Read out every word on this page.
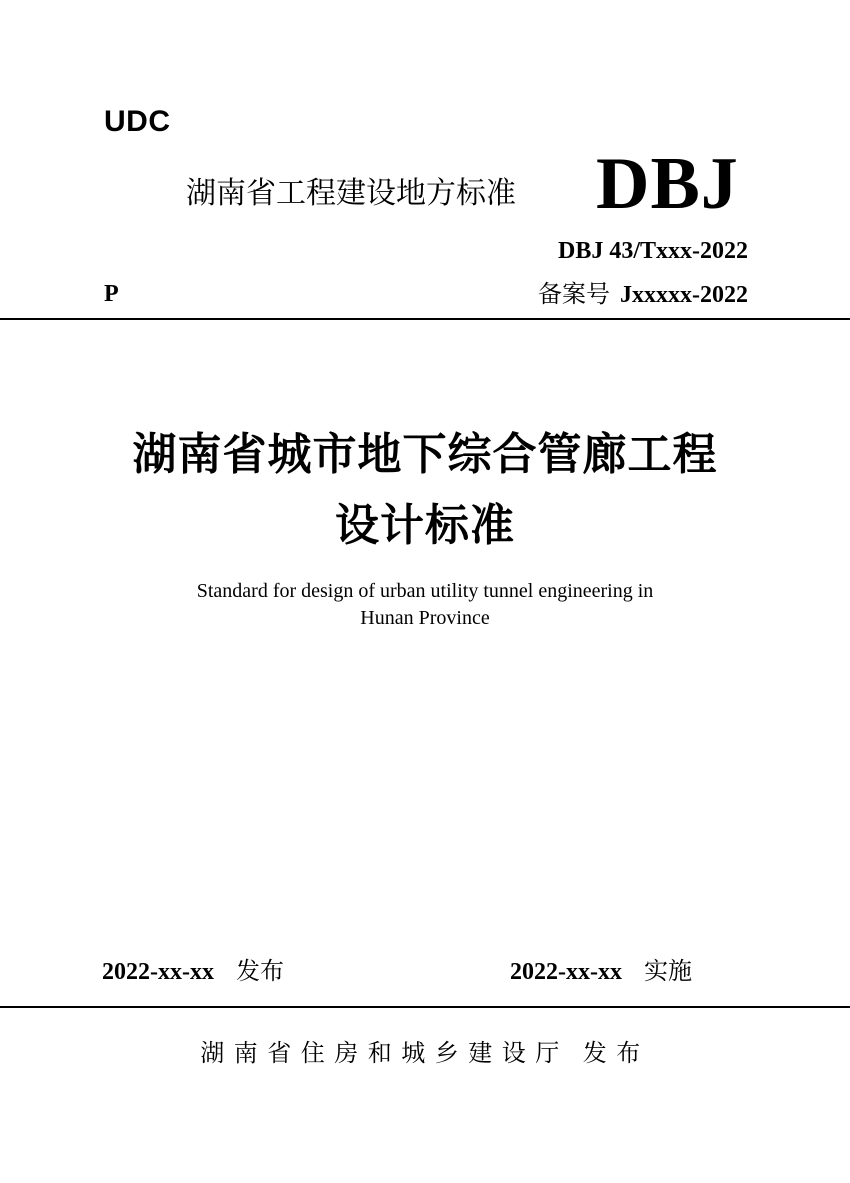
UDC
湖南省工程建设地方标准 DBJ
DBJ 43/Txxx-2022
P	备案号 Jxxxxx-2022
湖南省城市地下综合管廊工程
设计标准
Standard for design of urban utility tunnel engineering in
Hunan Province
2022-xx-xx 发布	2022-xx-xx 实施
湖南省住房和城乡建设厅 发布
